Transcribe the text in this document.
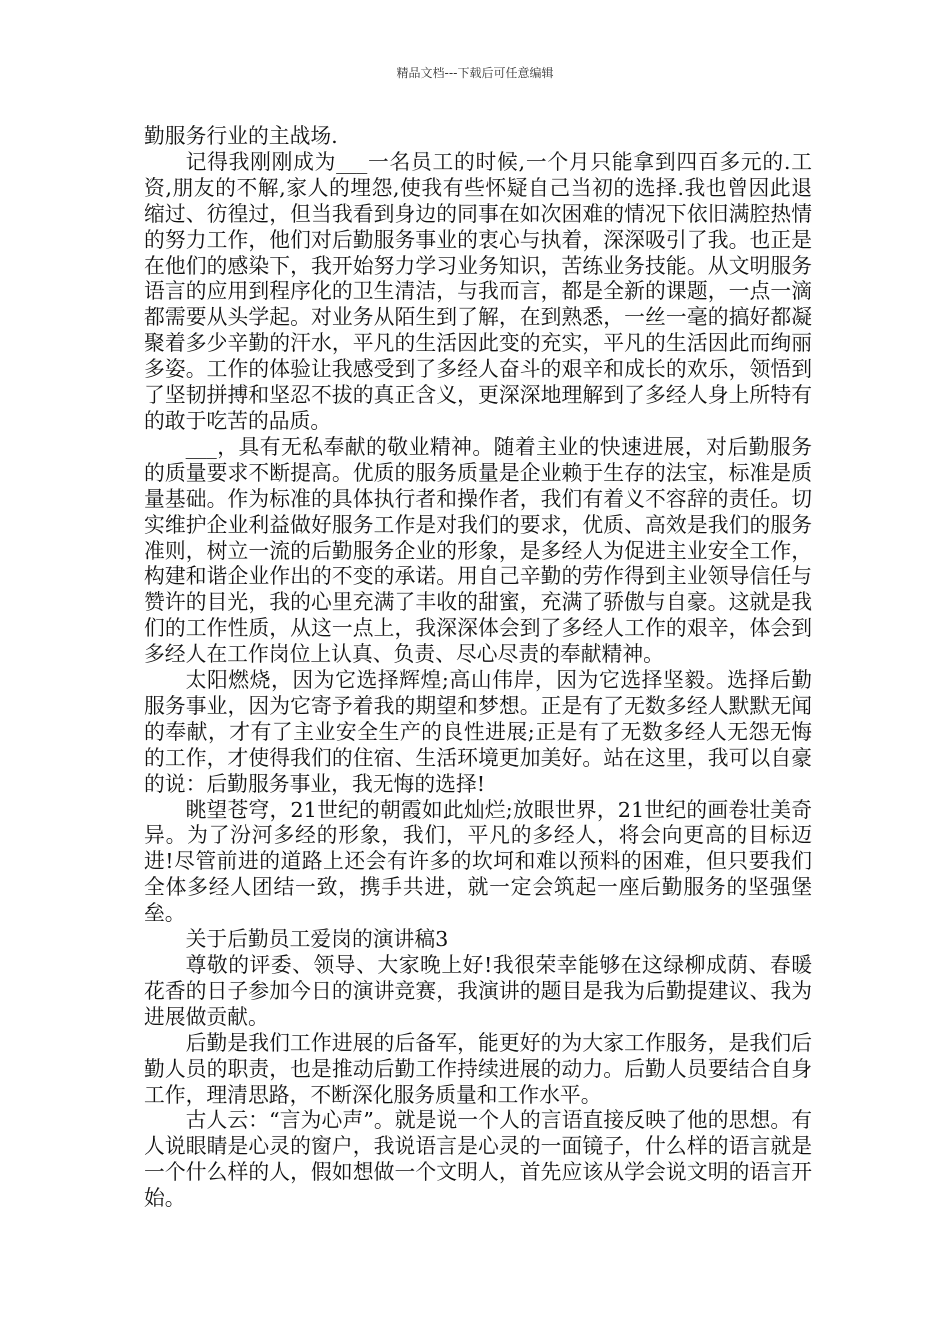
精品文档---下载后可任意编辑

勤服务行业的主战场.

记得我刚刚成为___一名员工的时候,一个月只能拿到四百多元的.工资,朋友的不解,家人的埋怨,使我有些怀疑自己当初的选择.我也曾因此退缩过、彷徨过，但当我看到身边的同事在如次困难的情况下依旧满腔热情的努力工作，他们对后勤服务事业的衷心与执着，深深吸引了我。也正是在他们的感染下，我开始努力学习业务知识，苦练业务技能。从文明服务语言的应用到程序化的卫生清洁，与我而言，都是全新的课题，一点一滴都需要从头学起。对业务从陌生到了解，在到熟悉，一丝一毫的搞好都凝聚着多少辛勤的汗水，平凡的生活因此变的充实，平凡的生活因此而绚丽多姿。工作的体验让我感受到了多经人奋斗的艰辛和成长的欢乐，领悟到了坚韧拼搏和坚忍不拔的真正含义，更深深地理解到了多经人身上所特有的敢于吃苦的品质。

___，具有无私奉献的敬业精神。随着主业的快速进展，对后勤服务的质量要求不断提高。优质的服务质量是企业赖于生存的法宝，标准是质量基础。作为标准的具体执行者和操作者，我们有着义不容辞的责任。切实维护企业利益做好服务工作是对我们的要求，优质、高效是我们的服务准则，树立一流的后勤服务企业的形象，是多经人为促进主业安全工作，构建和谐企业作出的不变的承诺。用自己辛勤的劳作得到主业领导信任与赞许的目光，我的心里充满了丰收的甜蜜，充满了骄傲与自豪。这就是我们的工作性质，从这一点上，我深深体会到了多经人工作的艰辛，体会到多经人在工作岗位上认真、负责、尽心尽责的奉献精神。

太阳燃烧，因为它选择辉煌;高山伟岸，因为它选择坚毅。选择后勤服务事业，因为它寄予着我的期望和梦想。正是有了无数多经人默默无闻的奉献，才有了主业安全生产的良性进展;正是有了无数多经人无怨无悔的工作，才使得我们的住宿、生活环境更加美好。站在这里，我可以自豪的说：后勤服务事业，我无悔的选择!

眺望苍穹，21世纪的朝霞如此灿烂;放眼世界，21世纪的画卷壮美奇异。为了汾河多经的形象，我们，平凡的多经人，将会向更高的目标迈进!尽管前进的道路上还会有许多的坎坷和难以预料的困难，但只要我们全体多经人团结一致，携手共进，就一定会筑起一座后勤服务的坚强堡垒。

关于后勤员工爱岗的演讲稿3

尊敬的评委、领导、大家晚上好!我很荣幸能够在这绿柳成荫、春暖花香的日子参加今日的演讲竞赛，我演讲的题目是我为后勤提建议、我为进展做贡献。

后勤是我们工作进展的后备军，能更好的为大家工作服务，是我们后勤人员的职责，也是推动后勤工作持续进展的动力。后勤人员要结合自身工作，理清思路，不断深化服务质量和工作水平。

古人云：“言为心声”。就是说一个人的言语直接反映了他的思想。有人说眼睛是心灵的窗户，我说语言是心灵的一面镜子，什么样的语言就是一个什么样的人，假如想做一个文明人，首先应该从学会说文明的语言开始。
